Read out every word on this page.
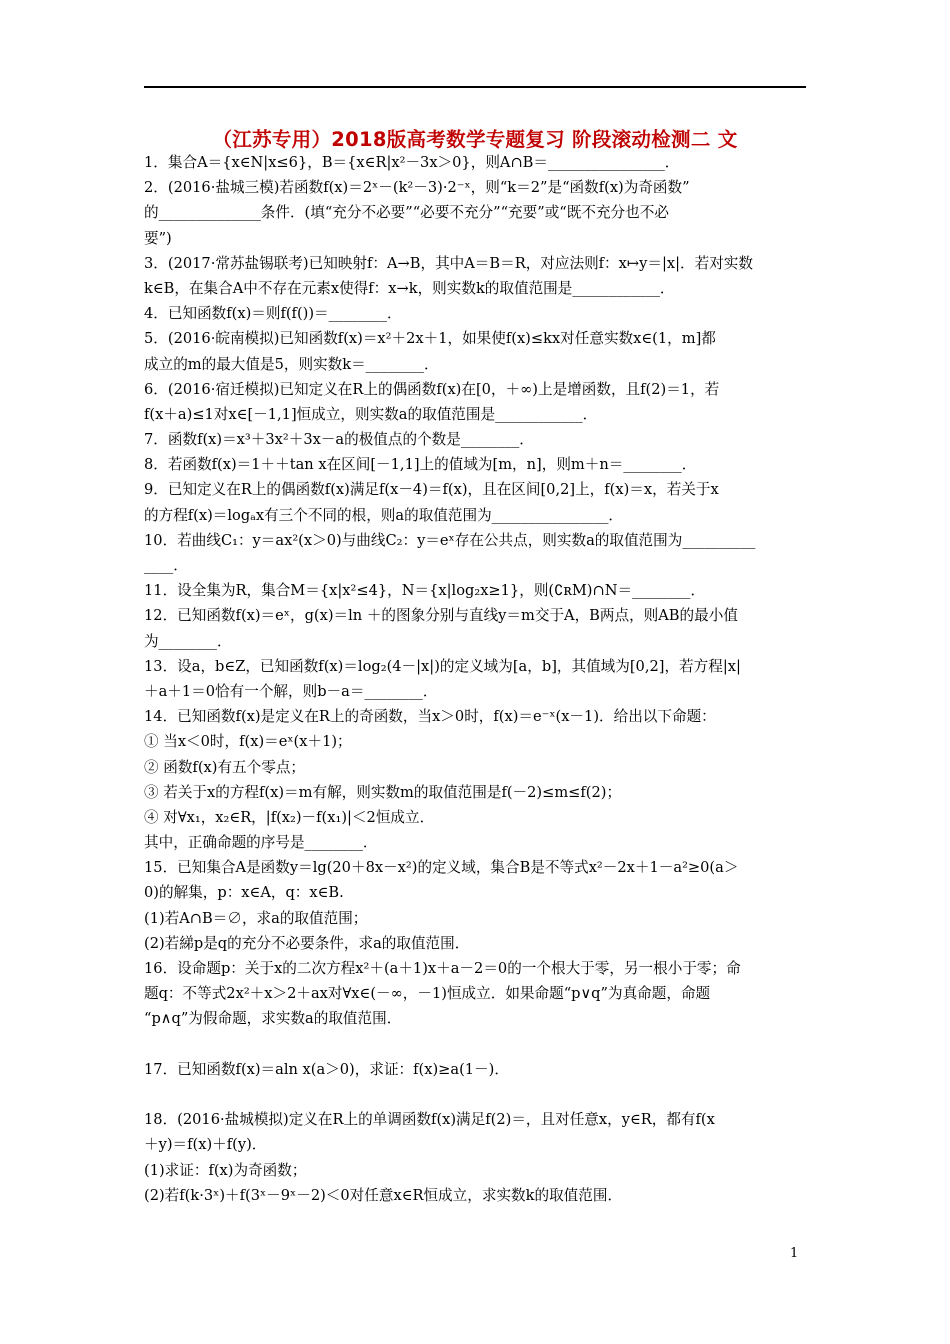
（江苏专用）2018版高考数学专题复习 阶段滚动检测二 文
1．集合A＝{x∈N|x≤6}，B＝{x∈R|x²－3x＞0}，则A∩B＝________________．
2．(2016·盐城三模)若函数f(x)＝2ˣ－(k²－3)·2⁻ˣ，则“k＝2”是“函数f(x)为奇函数”
的______________条件．(填“充分不必要”“必要不充分”“充要”或“既不充分也不必
要”)
3．(2017·常苏盐锡联考)已知映射f：A→B，其中A＝B＝R，对应法则f：x↦y＝|x|．若对实数
k∈B，在集合A中不存在元素x使得f：x→k，则实数k的取值范围是____________．
4．已知函数f(x)＝则f(f())＝________．
5．(2016·皖南模拟)已知函数f(x)＝x²＋2x＋1，如果使f(x)≤kx对任意实数x∈(1，m]都
成立的m的最大值是5，则实数k＝________．
6．(2016·宿迁模拟)已知定义在R上的偶函数f(x)在[0，＋∞)上是增函数，且f(2)＝1，若
f(x＋a)≤1对x∈[－1,1]恒成立，则实数a的取值范围是____________．
7．函数f(x)＝x³＋3x²＋3x－a的极值点的个数是________．
8．若函数f(x)＝1＋＋tan x在区间[－1,1]上的值域为[m，n]，则m＋n＝________．
9．已知定义在R上的偶函数f(x)满足f(x－4)＝f(x)，且在区间[0,2]上，f(x)＝x，若关于x
的方程f(x)＝logₐx有三个不同的根，则a的取值范围为________________．
10．若曲线C₁：y＝ax²(x＞0)与曲线C₂：y＝eˣ存在公共点，则实数a的取值范围为__________
____．
11．设全集为R，集合M＝{x|x²≤4}，N＝{x|log₂x≥1}，则(∁ʀM)∩N＝________．
12．已知函数f(x)＝eˣ，g(x)＝ln ＋的图象分别与直线y＝m交于A，B两点，则AB的最小值
为________．
13．设a，b∈Z，已知函数f(x)＝log₂(4－|x|)的定义域为[a，b]，其值域为[0,2]，若方程|x|
＋a＋1＝0恰有一个解，则b－a＝________．
14．已知函数f(x)是定义在R上的奇函数，当x＞0时，f(x)＝e⁻ˣ(x－1)．给出以下命题：
① 当x＜0时，f(x)＝eˣ(x＋1)；
② 函数f(x)有五个零点；
③ 若关于x的方程f(x)＝m有解，则实数m的取值范围是f(－2)≤m≤f(2)；
④ 对∀x₁，x₂∈R，|f(x₂)－f(x₁)|＜2恒成立．
其中，正确命题的序号是________．
15．已知集合A是函数y＝lg(20＋8x－x²)的定义域，集合B是不等式x²－2x＋1－a²≥0(a＞
0)的解集，p：x∈A，q：x∈B.
(1)若A∩B＝∅，求a的取值范围；
(2)若綈p是q的充分不必要条件，求a的取值范围．
16．设命题p：关于x的二次方程x²＋(a＋1)x＋a－2＝0的一个根大于零，另一根小于零；命
题q：不等式2x²＋x＞2＋ax对∀x∈(－∞，－1)恒成立．如果命题“p∨q”为真命题，命题
“p∧q”为假命题，求实数a的取值范围．
17．已知函数f(x)＝aln x(a＞0)，求证：f(x)≥a(1－)．
18．(2016·盐城模拟)定义在R上的单调函数f(x)满足f(2)＝，且对任意x，y∈R，都有f(x
＋y)＝f(x)＋f(y)．
(1)求证：f(x)为奇函数；
(2)若f(k·3ˣ)＋f(3ˣ－9ˣ－2)＜0对任意x∈R恒成立，求实数k的取值范围．
1
